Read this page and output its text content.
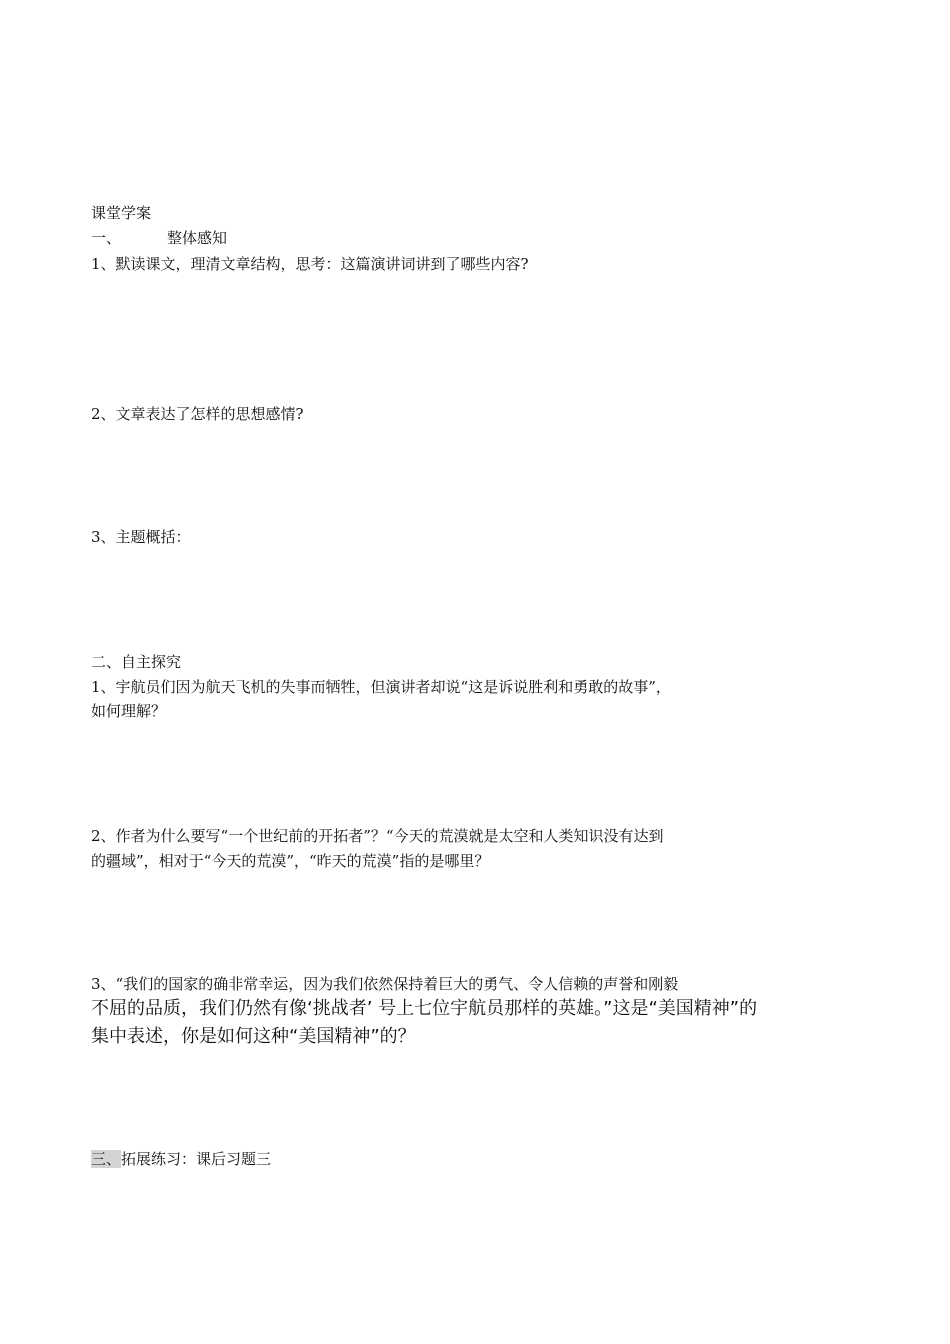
课堂学案
一、	整体感知
1、默读课文，理清文章结构，思考：这篇演讲词讲到了哪些内容?
2、文章表达了怎样的思想感情?
3、主题概括：
二、自主探究
1、宇航员们因为航天飞机的失事而牺牲，但演讲者却说“这是诉说胜利和勇敢的故事”，
如何理解？
2、作者为什么要写“一个世纪前的开拓者”？“今天的荒漠就是太空和人类知识没有达到
的疆域”，相对于“今天的荒漠”，“昨天的荒漠”指的是哪里？
3、“我们的国家的确非常幸运，因为我们依然保持着巨大的勇气、令人信赖的声誉和刚毅
不屈的品质，我们仍然有像‘挑战者’ 号上七位宇航员那样的英雄。”这是“美国精神”的
集中表述，你是如何这种“美国精神”的？
三、拓展练习：课后习题三
